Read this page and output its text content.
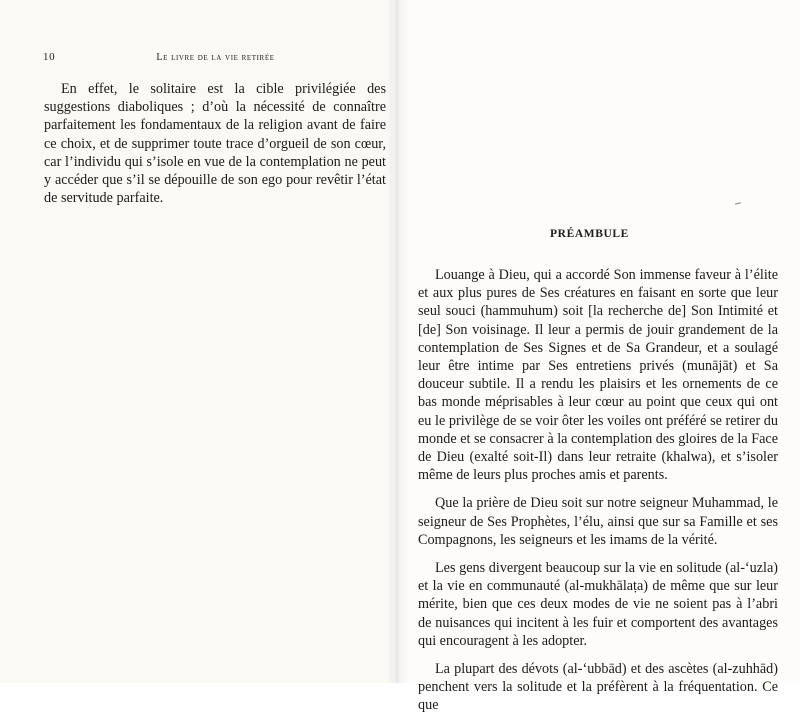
10	Le livre de la vie retirée

En effet, le solitaire est la cible privilégiée des suggestions diaboliques ; d’où la nécessité de connaître parfaitement les fondamentaux de la religion avant de faire ce choix, et de supprimer toute trace d’orgueil de son cœur, car l’individu qui s’isole en vue de la contemplation ne peut y accéder que s’il se dépouille de son ego pour revêtir l’état de servitude parfaite.

PRÉAMBULE

Louange à Dieu, qui a accordé Son immense faveur à l’élite et aux plus pures de Ses créatures en faisant en sorte que leur seul souci (hammuhum) soit [la recherche de] Son Intimité et [de] Son voisinage. Il leur a permis de jouir grandement de la contemplation de Ses Signes et de Sa Grandeur, et a soulagé leur être intime par Ses entretiens privés (munājāt) et Sa douceur subtile. Il a rendu les plaisirs et les ornements de ce bas monde méprisables à leur cœur au point que ceux qui ont eu le privilège de se voir ôter les voiles ont préféré se retirer du monde et se consacrer à la contemplation des gloires de la Face de Dieu (exalté soit-Il) dans leur retraite (khalwa), et s’isoler même de leurs plus proches amis et parents.

Que la prière de Dieu soit sur notre seigneur Muhammad, le seigneur de Ses Prophètes, l’élu, ainsi que sur sa Famille et ses Compagnons, les seigneurs et les imams de la vérité.

Les gens divergent beaucoup sur la vie en solitude (al-‘uzla) et la vie en communauté (al-mukhālaṭa) de même que sur leur mérite, bien que ces deux modes de vie ne soient pas à l’abri de nuisances qui incitent à les fuir et comportent des avantages qui encouragent à les adopter.

La plupart des dévots (al-‘ubbād) et des ascètes (al-zuhhād) penchent vers la solitude et la préfèrent à la fréquentation. Ce que
